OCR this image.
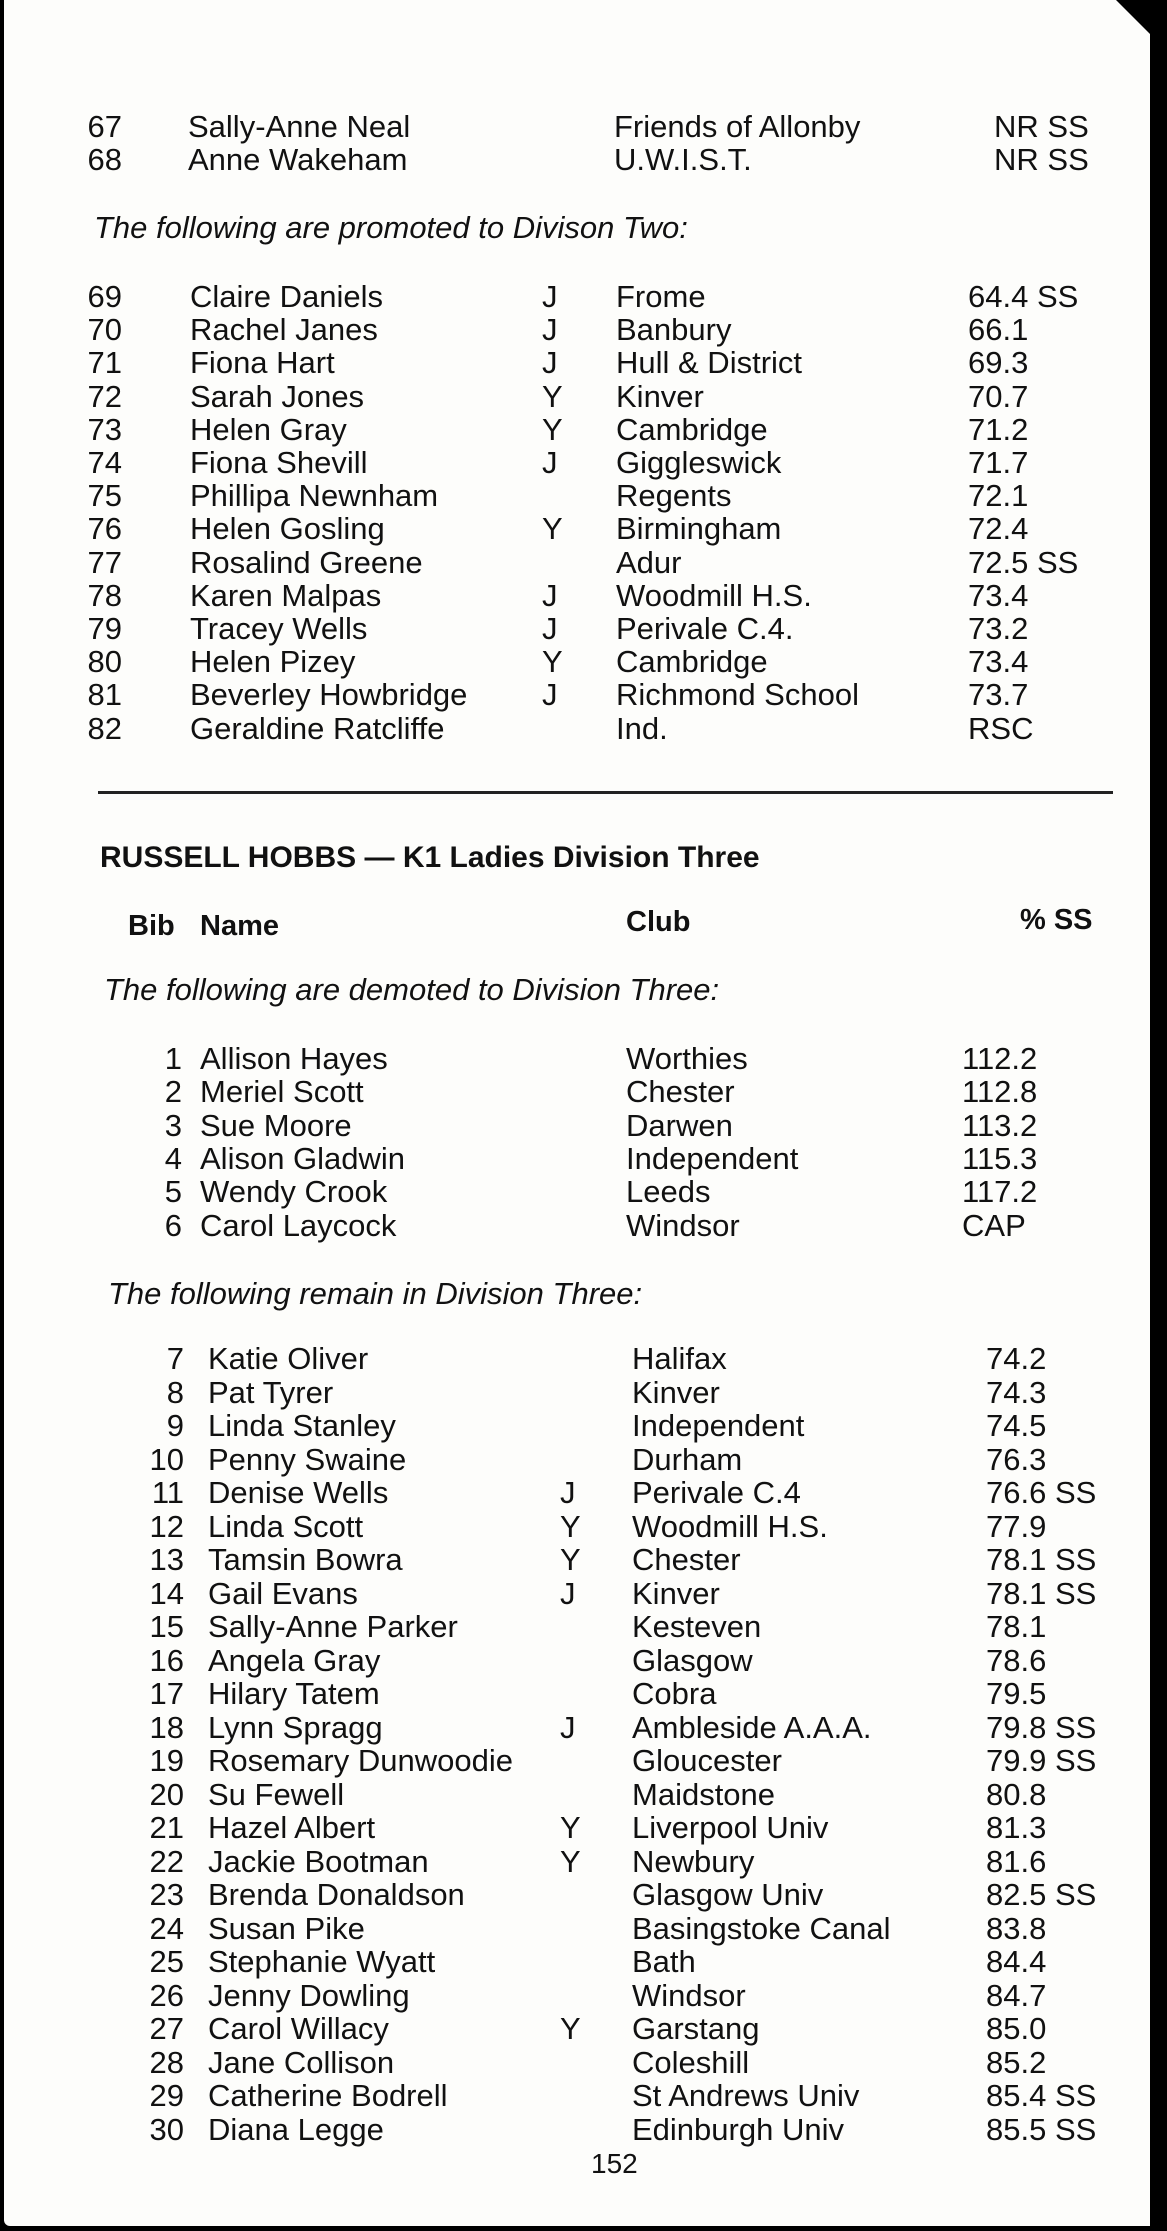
67 Sally-Anne Neal	Friends of Allonby	NR SS
68 Anne Wakeham	U.W.I.S.T.	NR SS
The following are promoted to Divison Two:
69 Claire Daniels	J Frome	64.4 SS
70 Rachel Janes	J Banbury	66.1
71 Fiona Hart	J Hull & District	69.3
72 Sarah Jones	Y Kinver	70.7
73 Helen Gray	Y Cambridge	71.2
74 Fiona Shevill	J Giggleswick	71.7
75 Phillipa Newnham	Regents	72.1
76 Helen Gosling	Y Birmingham	72.4
77 Rosalind Greene	Adur	72.5 SS
78 Karen Malpas	J Woodmill H.S.	73.4
79 Tracey Wells	J Perivale C.4.	73.2
80 Helen Pizey	Y Cambridge	73.4
81 Beverley Howbridge J Richmond School	73.7
82 Geraldine Ratcliffe	Ind.	RSC
RUSSELL HOBBS — K1 Ladies Division Three
Bib Name	Club	% SS
The following are demoted to Division Three:
1 Allison Hayes	Worthies	112.2
2 Meriel Scott	Chester	112.8
3 Sue Moore	Darwen	113.2
4 Alison Gladwin	Independent	115.3
5 Wendy Crook	Leeds	117.2
6 Carol Laycock	Windsor	CAP
The following remain in Division Three:
7 Katie Oliver	Halifax	74.2
8 Pat Tyrer	Kinver	74.3
9 Linda Stanley	Independent	74.5
10 Penny Swaine	Durham	76.3
11 Denise Wells	J Perivale C.4	76.6 SS
12 Linda Scott	Y Woodmill H.S.	77.9
13 Tamsin Bowra	Y Chester	78.1 SS
14 Gail Evans	J Kinver	78.1 SS
15 Sally-Anne Parker	Kesteven	78.1
16 Angela Gray	Glasgow	78.6
17 Hilary Tatem	Cobra	79.5
18 Lynn Spragg	J Ambleside A.A.A.	79.8 SS
19 Rosemary Dunwoodie	Gloucester	79.9 SS
20 Su Fewell	Maidstone	80.8
21 Hazel Albert	Y Liverpool Univ	81.3
22 Jackie Bootman	Y Newbury	81.6
23 Brenda Donaldson	Glasgow Univ	82.5 SS
24 Susan Pike	Basingstoke Canal	83.8
25 Stephanie Wyatt	Bath	84.4
26 Jenny Dowling	Windsor	84.7
27 Carol Willacy	Y Garstang	85.0
28 Jane Collison	Coleshill	85.2
29 Catherine Bodrell	St Andrews Univ	85.4 SS
30 Diana Legge	Edinburgh Univ	85.5 SS
152
